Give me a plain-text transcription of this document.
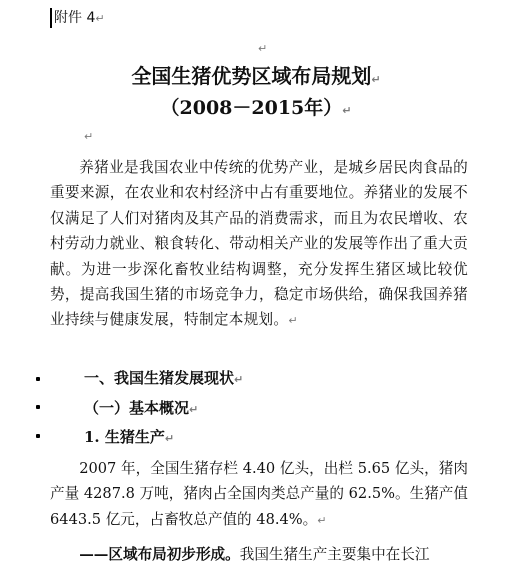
附件 4↵
↵
全国生猪优势区域布局规划↵
（2008－2015年）↵
↵
养猪业是我国农业中传统的优势产业，是城乡居民肉食品的重要来源，在农业和农村经济中占有重要地位。养猪业的发展不仅满足了人们对猪肉及其产品的消费需求，而且为农民增收、农村劳动力就业、粮食转化、带动相关产业的发展等作出了重大贡献。为进一步深化畜牧业结构调整，充分发挥生猪区域比较优势，提高我国生猪的市场竞争力，稳定市场供给，确保我国养猪业持续与健康发展，特制定本规划。↵
一、我国生猪发展现状↵
（一）基本概况↵
1. 生猪生产↵
2007 年，全国生猪存栏 4.40 亿头，出栏 5.65 亿头，猪肉产量 4287.8 万吨，猪肉占全国肉类总产量的 62.5%。生猪产值 6443.5 亿元，占畜牧总产值的 48.4%。↵
——区域布局初步形成。我国生猪生产主要集中在长江
